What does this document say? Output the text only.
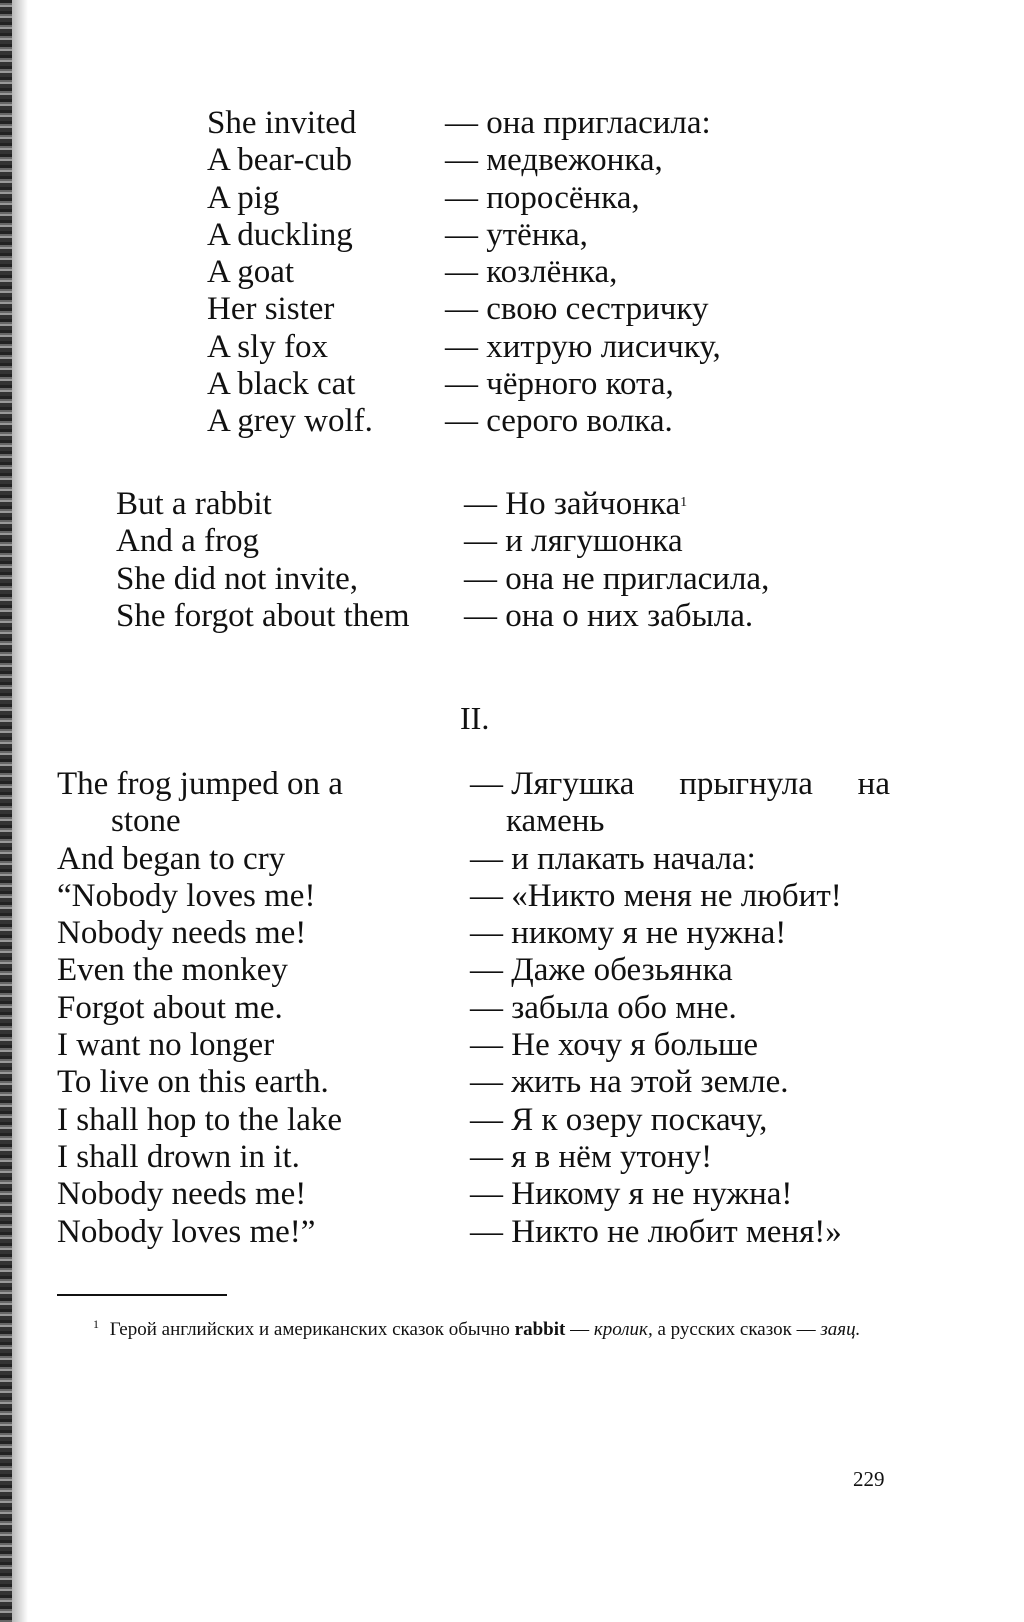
She invited	— она пригласила:
A bear-cub	— медвежонка,
A pig	— поросёнка,
A duckling	— утёнка,
A goat	— козлёнка,
Her sister	— свою сестричку
A sly fox	— хитрую лисичку,
A black cat	— чёрного кота,
A grey wolf.	— серого волка.
But a rabbit	— Но зайчонка$^1$
And a frog	— и лягушонка
She did not invite,	— она не пригласила,
She forgot about them	— она о них забыла.
II.
The frog jumped on a	— Лягушка прыгнула на
stone	камень
And began to cry	— и плакать начала:
“Nobody loves me!	— «Никто меня не любит!
Nobody needs me!	— никому я не нужна!
Even the monkey	— Даже обезьянка
Forgot about me.	— забыла обо мне.
I want no longer	— Не хочу я больше
To live on this earth.	— жить на этой земле.
I shall hop to the lake	— Я к озеру поскачу,
I shall drown in it.	— я в нём утону!
Nobody needs me!	— Никому я не нужна!
Nobody loves me!”	— Никто не любит меня!»
$^1$ Герой английских и американских сказок обычно rabbit — кролик, а русских сказок — заяц.
229
